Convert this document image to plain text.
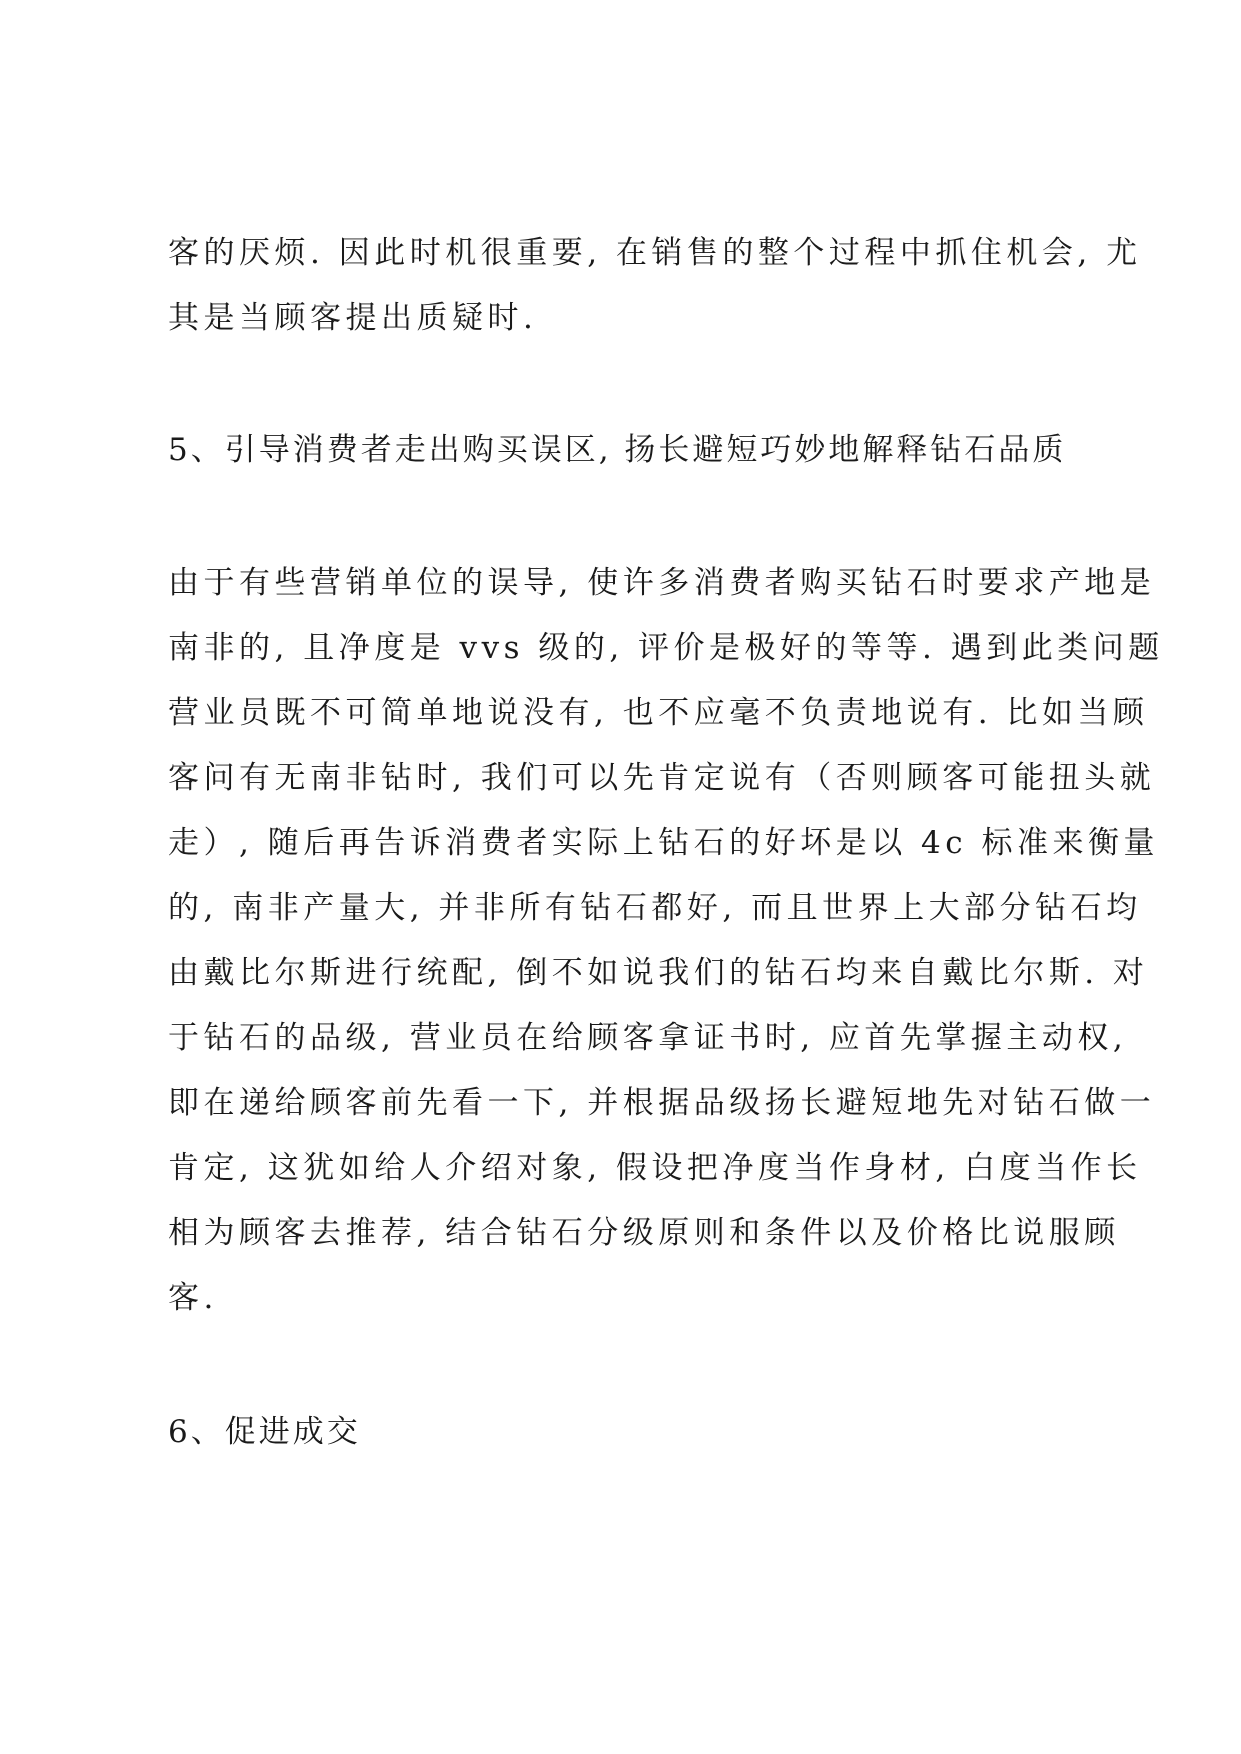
客的厌烦. 因此时机很重要, 在销售的整个过程中抓住机会, 尤
其是当顾客提出质疑时.
5、引导消费者走出购买误区, 扬长避短巧妙地解释钻石品质
由于有些营销单位的误导, 使许多消费者购买钻石时要求产地是
南非的, 且净度是 vvs 级的, 评价是极好的等等. 遇到此类问题
营业员既不可简单地说没有, 也不应毫不负责地说有. 比如当顾
客问有无南非钻时, 我们可以先肯定说有（否则顾客可能扭头就
走）, 随后再告诉消费者实际上钻石的好坏是以 4c 标准来衡量
的, 南非产量大, 并非所有钻石都好, 而且世界上大部分钻石均
由戴比尔斯进行统配, 倒不如说我们的钻石均来自戴比尔斯. 对
于钻石的品级, 营业员在给顾客拿证书时, 应首先掌握主动权,
即在递给顾客前先看一下, 并根据品级扬长避短地先对钻石做一
肯定, 这犹如给人介绍对象, 假设把净度当作身材, 白度当作长
相为顾客去推荐, 结合钻石分级原则和条件以及价格比说服顾
客.
6、促进成交
